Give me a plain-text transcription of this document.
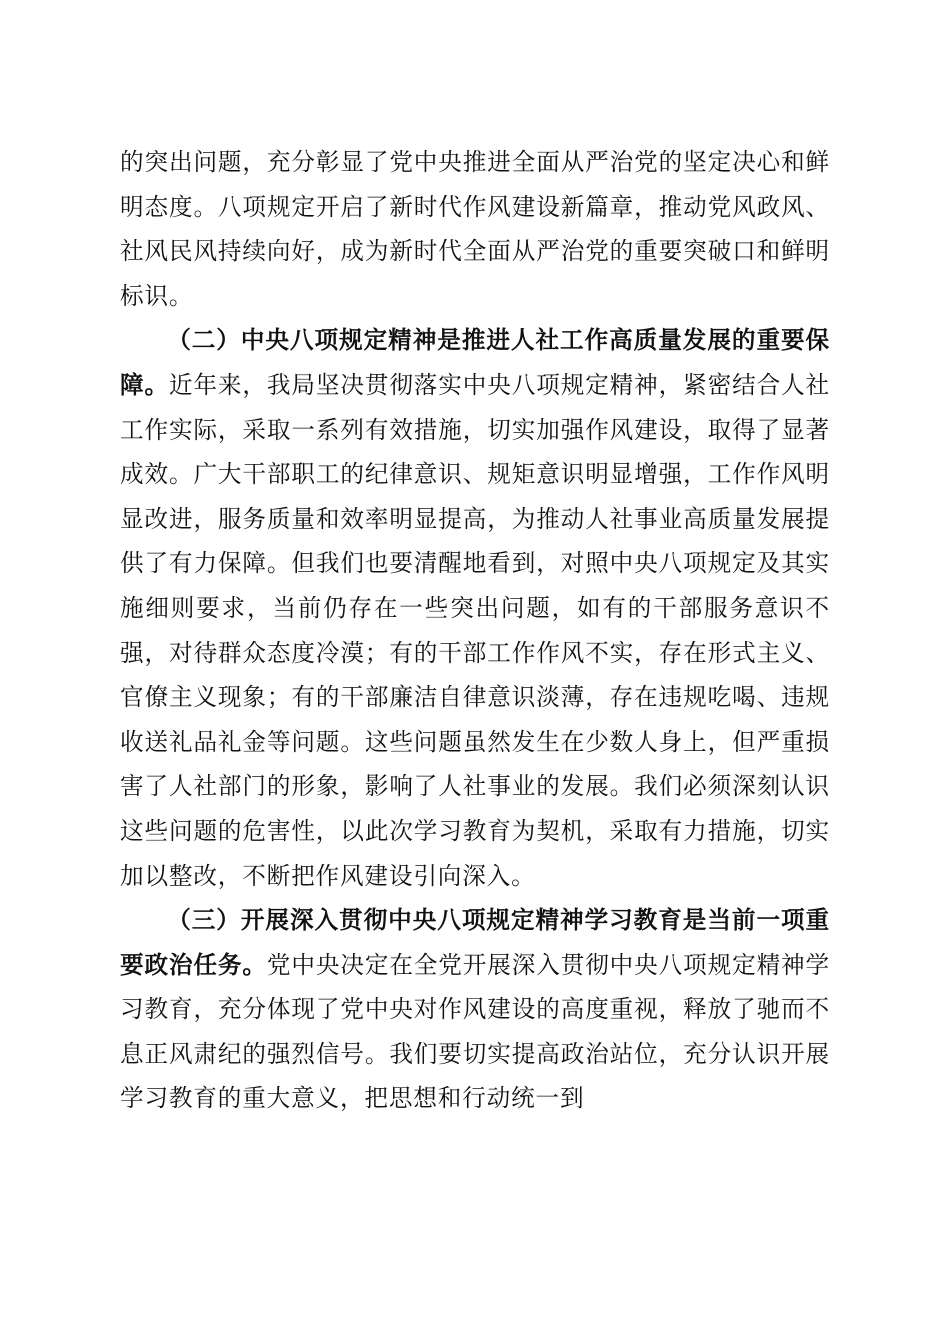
的突出问题，充分彰显了党中央推进全面从严治党的坚定决心和鲜明态度。八项规定开启了新时代作风建设新篇章，推动党风政风、社风民风持续向好，成为新时代全面从严治党的重要突破口和鲜明标识。

（二）中央八项规定精神是推进人社工作高质量发展的重要保障。近年来，我局坚决贯彻落实中央八项规定精神，紧密结合人社工作实际，采取一系列有效措施，切实加强作风建设，取得了显著成效。广大干部职工的纪律意识、规矩意识明显增强，工作作风明显改进，服务质量和效率明显提高，为推动人社事业高质量发展提供了有力保障。但我们也要清醒地看到，对照中央八项规定及其实施细则要求，当前仍存在一些突出问题，如有的干部服务意识不强，对待群众态度冷漠；有的干部工作作风不实，存在形式主义、官僚主义现象；有的干部廉洁自律意识淡薄，存在违规吃喝、违规收送礼品礼金等问题。这些问题虽然发生在少数人身上，但严重损害了人社部门的形象，影响了人社事业的发展。我们必须深刻认识这些问题的危害性，以此次学习教育为契机，采取有力措施，切实加以整改，不断把作风建设引向深入。

（三）开展深入贯彻中央八项规定精神学习教育是当前一项重要政治任务。党中央决定在全党开展深入贯彻中央八项规定精神学习教育，充分体现了党中央对作风建设的高度重视，释放了驰而不息正风肃纪的强烈信号。我们要切实提高政治站位，充分认识开展学习教育的重大意义，把思想和行动统一到
